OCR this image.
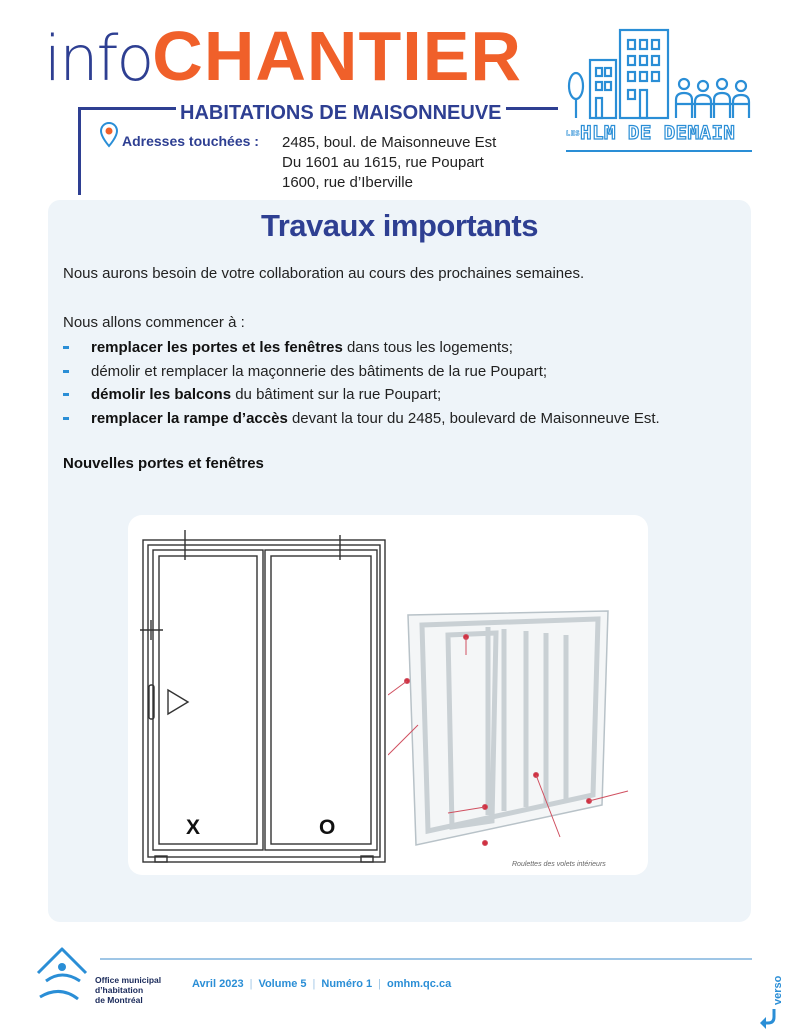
infoCHANTIER
HABITATIONS DE MAISONNEUVE
Adresses touchées : 2485, boul. de Maisonneuve Est
Du 1601 au 1615, rue Poupart
1600, rue d’Iberville
LESHLM DE DEMAIN
Travaux importants
Nous aurons besoin de votre collaboration au cours des prochaines semaines.
Nous allons commencer à :
remplacer les portes et les fenêtres dans tous les logements;
démolir et remplacer la maçonnerie des bâtiments de la rue Poupart;
démolir les balcons du bâtiment sur la rue Poupart;
remplacer la rampe d’accès devant la tour du 2485, boulevard de Maisonneuve Est.
Nouvelles portes et fenêtres
X	O
Roulettes des volets intérieurs
Office municipal
d’habitation
de Montréal
Avril 2023 | Volume 5 | Numéro 1 | omhm.qc.ca	verso
